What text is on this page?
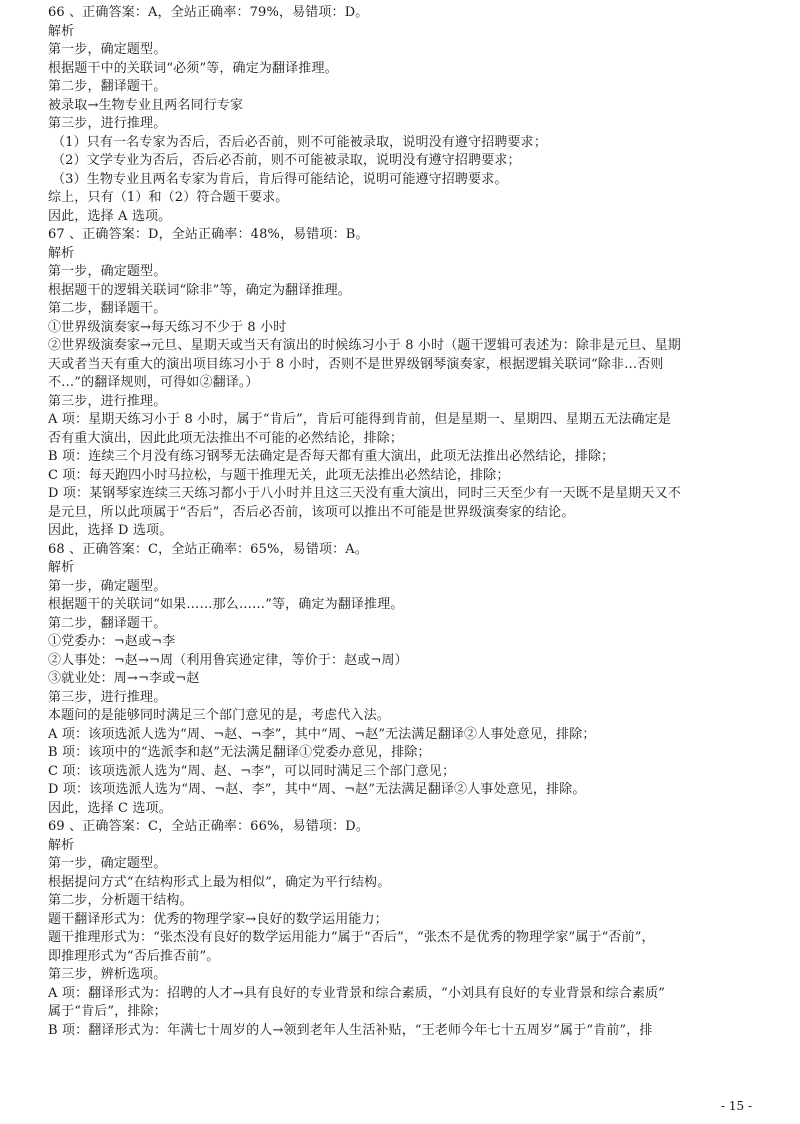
66 、正确答案：A，全站正确率：79%，易错项：D。
解析
第一步，确定题型。
根据题干中的关联词“必须”等，确定为翻译推理。
第二步，翻译题干。
被录取→生物专业且两名同行专家
第三步，进行推理。
（1）只有一名专家为否后，否后必否前，则不可能被录取，说明没有遵守招聘要求；
（2）文学专业为否后，否后必否前，则不可能被录取，说明没有遵守招聘要求；
（3）生物专业且两名专家为肯后，肯后得可能结论，说明可能遵守招聘要求。
综上，只有（1）和（2）符合题干要求。
因此，选择 A 选项。
67 、正确答案：D，全站正确率：48%，易错项：B。
解析
第一步，确定题型。
根据题干的逻辑关联词“除非”等，确定为翻译推理。
第二步，翻译题干。
①世界级演奏家→每天练习不少于 8 小时
②世界级演奏家→元旦、星期天或当天有演出的时候练习小于 8 小时（题干逻辑可表述为：除非是元旦、星期
天或者当天有重大的演出项目练习小于 8 小时，否则不是世界级钢琴演奏家，根据逻辑关联词“除非…否则
不…”的翻译规则，可得如②翻译。）
第三步，进行推理。
A 项：星期天练习小于 8 小时，属于“肯后”，肯后可能得到肯前，但是星期一、星期四、星期五无法确定是
否有重大演出，因此此项无法推出不可能的必然结论，排除；
B 项：连续三个月没有练习钢琴无法确定是否每天都有重大演出，此项无法推出必然结论，排除；
C 项：每天跑四小时马拉松，与题干推理无关，此项无法推出必然结论，排除；
D 项：某钢琴家连续三天练习都小于八小时并且这三天没有重大演出，同时三天至少有一天既不是星期天又不
是元旦，所以此项属于“否后”，否后必否前，该项可以推出不可能是世界级演奏家的结论。
因此，选择 D 选项。
68 、正确答案：C，全站正确率：65%，易错项：A。
解析
第一步，确定题型。
根据题干的关联词“如果……那么……”等，确定为翻译推理。
第二步，翻译题干。
①党委办：¬赵或¬李
②人事处：¬赵→¬周（利用鲁宾逊定律，等价于：赵或¬周）
③就业处：周→¬李或¬赵
第三步，进行推理。
本题问的是能够同时满足三个部门意见的是，考虑代入法。
A 项：该项选派人选为“周、¬赵、¬李”，其中“周、¬赵”无法满足翻译②人事处意见，排除；
B 项：该项中的“选派李和赵”无法满足翻译①党委办意见，排除；
C 项：该项选派人选为“周、赵、¬李”，可以同时满足三个部门意见；
D 项：该项选派人选为“周、¬赵、李”，其中“周、¬赵”无法满足翻译②人事处意见，排除。
因此，选择 C 选项。
69 、正确答案：C，全站正确率：66%，易错项：D。
解析
第一步，确定题型。
根据提问方式“在结构形式上最为相似”，确定为平行结构。
第二步，分析题干结构。
题干翻译形式为：优秀的物理学家→良好的数学运用能力；
题干推理形式为：“张杰没有良好的数学运用能力”属于“否后”，“张杰不是优秀的物理学家”属于“否前”，
即推理形式为“否后推否前”。
第三步，辨析选项。
A 项：翻译形式为：招聘的人才→具有良好的专业背景和综合素质，“小刘具有良好的专业背景和综合素质”
属于“肯后”，排除；
B 项：翻译形式为：年满七十周岁的人→领到老年人生活补贴，“王老师今年七十五周岁”属于“肯前”，排
- 15 -
